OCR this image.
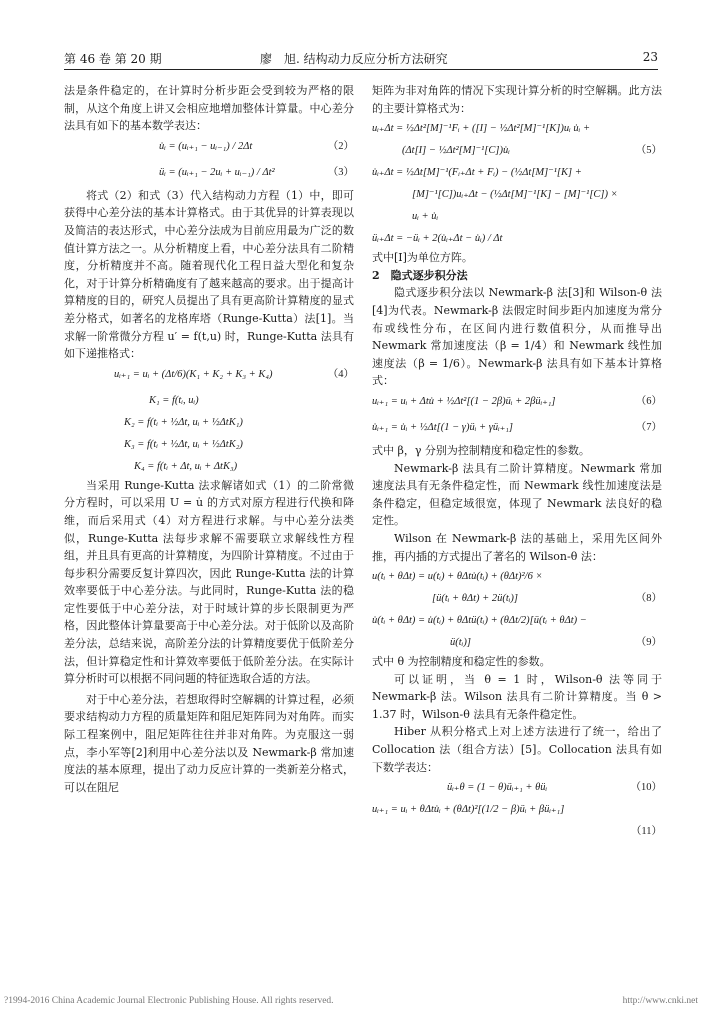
第 46 卷 第 20 期	廖　旭. 结构动力反应分析方法研究	23

法是条件稳定的，在计算时分析步距会受到较为严格的限制，从这个角度上讲又会相应地增加整体计算量。中心差分法具有如下的基本数学表达：

u̇ᵢ = (uᵢ₊₁ − uᵢ₋₁) / 2Δt	（2）
üᵢ = (uᵢ₊₁ − 2uᵢ + uᵢ₋₁) / Δt²	（3）

将式（2）和式（3）代入结构动力方程（1）中，即可获得中心差分法的基本计算格式。由于其优异的计算表现以及简洁的表达形式，中心差分法成为目前应用最为广泛的数值计算方法之一。从分析精度上看，中心差分法具有二阶精度，分析精度并不高。随着现代化工程日益大型化和复杂化，对于计算分析精确度有了越来越高的要求。出于提高计算精度的目的，研究人员提出了具有更高阶计算精度的显式差分格式，如著名的龙格库塔（Runge-Kutta）法[1]。当求解一阶常微分方程 u′ = f(t,u) 时，Runge-Kutta 法具有如下递推格式：

uᵢ₊₁ = uᵢ + (Δt/6)(K₁ + K₂ + K₃ + K₄)	（4）
K₁ = f(tᵢ, uᵢ)
K₂ = f(tᵢ + ½Δt, uᵢ + ½ΔtK₁)
K₃ = f(tᵢ + ½Δt, uᵢ + ½ΔtK₂)
K₄ = f(tᵢ + Δt, uᵢ + ΔtK₃)

当采用 Runge-Kutta 法求解诸如式（1）的二阶常微分方程时，可以采用 U = u̇ 的方式对原方程进行代换和降维，而后采用式（4）对方程进行求解。与中心差分法类似，Runge-Kutta 法每步求解不需要联立求解线性方程组，并且具有更高的计算精度，为四阶计算精度。不过由于每步积分需要反复计算四次，因此 Runge-Kutta 法的计算效率要低于中心差分法。与此同时，Runge-Kutta 法的稳定性要低于中心差分法，对于时域计算的步长限制更为严格，因此整体计算量要高于中心差分法。对于低阶以及高阶差分法，总结来说，高阶差分法的计算精度要优于低阶差分法，但计算稳定性和计算效率要低于低阶差分法。在实际计算分析时可以根据不同问题的特征选取合适的方法。

对于中心差分法，若想取得时空解耦的计算过程，必须要求结构动力方程的质量矩阵和阻尼矩阵同为对角阵。而实际工程案例中，阻尼矩阵往往并非对角阵。为克服这一弱点，李小军等[2]利用中心差分法以及 Newmark-β 常加速度法的基本原理，提出了动力反应计算的一类新差分格式，可以在阻尼

矩阵为非对角阵的情况下实现计算分析的时空解耦。此方法的主要计算格式为：

uᵢ₊Δt = ½Δt²[M]⁻¹Fᵢ + ([I] − ½Δt²[M]⁻¹[K])uᵢ u̇ᵢ +
(Δt[I] − ½Δt²[M]⁻¹[C])u̇ᵢ	（5）
u̇ᵢ₊Δt = ½Δt[M]⁻¹(Fᵢ₊Δt + Fᵢ) − (½Δt[M]⁻¹[K] +
[M]⁻¹[C])uᵢ₊Δt − (½Δt[M]⁻¹[K] − [M]⁻¹[C]) ×
uᵢ + u̇ᵢ
üᵢ₊Δt = −üᵢ + 2(u̇ᵢ₊Δt − u̇ᵢ) / Δt

式中[I]为单位方阵。

2　隐式逐步积分法

隐式逐步积分法以 Newmark-β 法[3]和 Wilson-θ 法[4]为代表。Newmark-β 法假定时间步距内加速度为常分布或线性分布，在区间内进行数值积分，从而推导出 Newmark 常加速度法（β = 1/4）和 Newmark 线性加速度法（β = 1/6）。Newmark-β 法具有如下基本计算格式：

uᵢ₊₁ = uᵢ + Δtu̇ + ½Δt²[(1 − 2β)üᵢ + 2βüᵢ₊₁]	（6）
u̇ᵢ₊₁ = u̇ᵢ + ½Δt[(1 − γ)üᵢ + γüᵢ₊₁]	（7）

式中 β，γ 分别为控制精度和稳定性的参数。

Newmark-β 法具有二阶计算精度。Newmark 常加速度法具有无条件稳定性，而 Newmark 线性加速度法是条件稳定，但稳定域很宽，体现了 Newmark 法良好的稳定性。

Wilson 在 Newmark-β 法的基础上，采用先区间外推，再内插的方式提出了著名的 Wilson-θ 法：

u(tᵢ + θΔt) = u(tᵢ) + θΔtu̇(tᵢ) + (θΔt)²/6 ×
[ü(tᵢ + θΔt) + 2ü(tᵢ)]	（8）
u̇(tᵢ + θΔt) = u̇(tᵢ) + θΔtü(tᵢ) + (θΔt/2)[ü(tᵢ + θΔt) −
ü(tᵢ)]	（9）

式中 θ 为控制精度和稳定性的参数。

可以证明，当 θ = 1 时，Wilson-θ 法等同于 Newmark-β 法。Wilson 法具有二阶计算精度。当 θ > 1.37 时，Wilson-θ 法具有无条件稳定性。

Hiber 从积分格式上对上述方法进行了统一，给出了 Collocation 法（组合方法）[5]。Collocation 法具有如下数学表达：

üᵢ₊θ = (1 − θ)üᵢ₊₁ + θüᵢ	（10）
uᵢ₊₁ = uᵢ + θΔtu̇ᵢ + (θΔt)²[(1/2 − β)üᵢ + βüᵢ₊₁]
（11）
?1994-2016 China Academic Journal Electronic Publishing House. All rights reserved.	http://www.cnki.net
